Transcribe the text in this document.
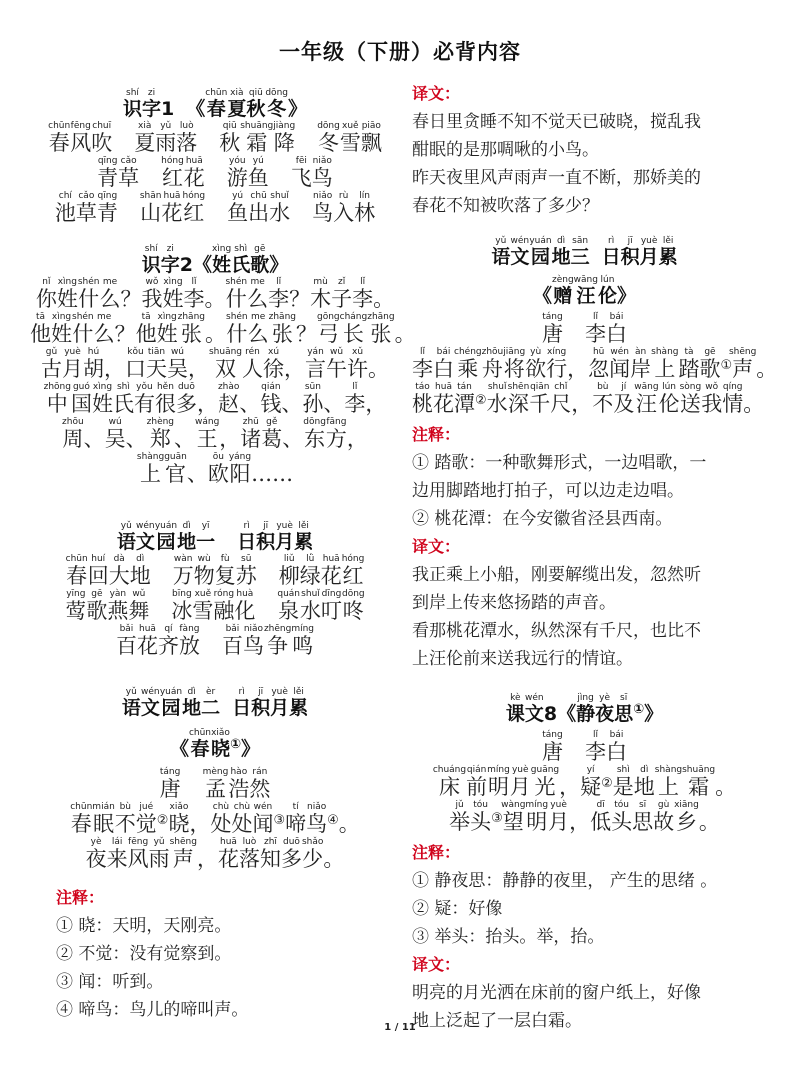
一年级（下册）必背内容
识shí字zi1 《 春chūn夏xià秋qiū冬dōng》
春chūn风fēng吹chuī夏xià雨yǔ落luò秋qiū霜shuāng降jiàng冬dōng雪xuě飘piāo
青qīng草cǎo红hóng花huā游yóu鱼yú飞fēi鸟niǎo
池chí草cǎo青qīng山shān花huā红hóng鱼yú出chū水shuǐ鸟niǎo入rù林lín
识shí字zi2 《 姓xìng氏shì歌gē》
你nǐ姓xìng什shén么me？ 我wǒ姓xìng李lǐ。 什shén么me李lǐ？ 木mù子zǐ李lǐ。
他tā姓xìng什shén么me？ 他tā姓xìng张zhāng。 什shén么me张zhāng？ 弓gōng长cháng张zhāng。
古gǔ月yuè胡hú， 口kǒu天tiān吴wú， 双shuāng人rén徐xú， 言yán午wǔ许xǔ。
中zhōng国guó姓xìng氏shì有yǒu很hěn多duō， 赵zhào、 钱qián、 孙sūn、 李lǐ，
周zhōu、 吴wú、 郑zhèng、 王wáng， 诸zhū葛gě、 东dōng方fāng，
上shàng官guān、 欧ōu阳yáng……
语yǔ文wén园yuán地dì一yī日rì积jī月yuè累lěi
春chūn回huí大dà地dì万wàn物wù复fù苏sū柳liǔ绿lǜ花huā红hóng
莺yīng歌gē燕yàn舞wǔ冰bīng雪xuě融róng化huà泉quán水shuǐ叮dīng咚dōng
百bǎi花huā齐qí放fàng百bǎi鸟niǎo争zhēng鸣míng
语yǔ文wén园yuán地dì二èr日rì积jī月yuè累lěi
《 春chūn晓xiǎo①》
唐táng孟mèng浩hào然rán
春chūn眠mián不bù觉jué②晓xiǎo， 处chù处chù闻wén③啼tí鸟niǎo④。
夜yè来lái风fēng雨yǔ声shēng， 花huā落luò知zhī多duō少shǎo。
注释：
① 晓：天明，天刚亮。
② 不觉：没有觉察到。
③ 闻：听到。
④ 啼鸟：鸟儿的啼叫声。
译文：
春日里贪睡不知不觉天已破晓，搅乱我
酣眠的是那啁啾的小鸟。
昨天夜里风声雨声一直不断，那娇美的
春花不知被吹落了多少？
语yǔ文wén园yuán地dì三sān日rì积jī月yuè累lěi
《 赠zèng汪wāng伦lún》
唐táng李lǐ白bái
李lǐ白bái乘chéng舟zhōu将jiāng欲yù行xíng， 忽hū闻wén岸àn上shàng踏tà歌gē①声shēng。
桃táo花huā潭tán②水shuǐ深shēn千qiān尺chǐ， 不bù及jí汪wāng伦lún送sòng我wǒ情qíng。
注释：
① 踏歌：一种歌舞形式，一边唱歌，一
边用脚踏地打拍子，可以边走边唱。
② 桃花潭：在今安徽省泾县西南。
译文：
我正乘上小船，刚要解缆出发，忽然听
到岸上传来悠扬踏的声音。
看那桃花潭水，纵然深有千尺，也比不
上汪伦前来送我远行的情谊。
课kè文wén8 《 静jìng夜yè思sī①》
唐táng李lǐ白bái
床chuáng前qián明míng月yuè光guāng， 疑yí②是shì地dì上shàng霜shuāng。
举jǔ头tóu③望wàng明míng月yuè， 低dī头tóu思sī故gù乡xiāng。
注释：
① 静夜思：静静的夜里， 产生的思绪 。
② 疑：好像
③ 举头：抬头。举，抬。
译文：
明亮的月光洒在床前的窗户纸上，好像
地上泛起了一层白霜。
1 / 11
